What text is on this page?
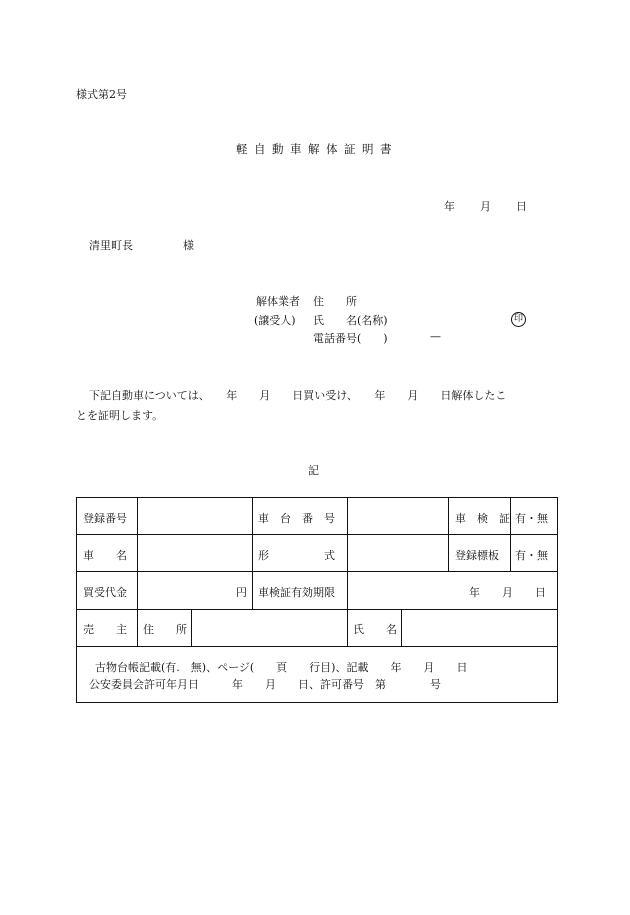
様式第2号
軽自動車解体証明書
年 月 日
清里町長	様
解体業者 住　　所
(譲受人) 氏　　名(名称)	印
電話番号(　　)	—
下記自動車については、　　年　　月　　日買い受け、　　年　　月　　日解体したこ
とを証明します。
記
登録番号	車　台　番　号	車　検　証 有・無
車　　名	形　　　　　式	登録標板 有・無
買受代金	円 車検証有効期限	年　　月　　日
売　　主 住　　所	氏　　名
古物台帳記載(有.　無)、ページ(　　頁　　行目)、記載　　年　　月　　日
公安委員会許可年月日　　　年　　月　　日、許可番号　第　　　　号
